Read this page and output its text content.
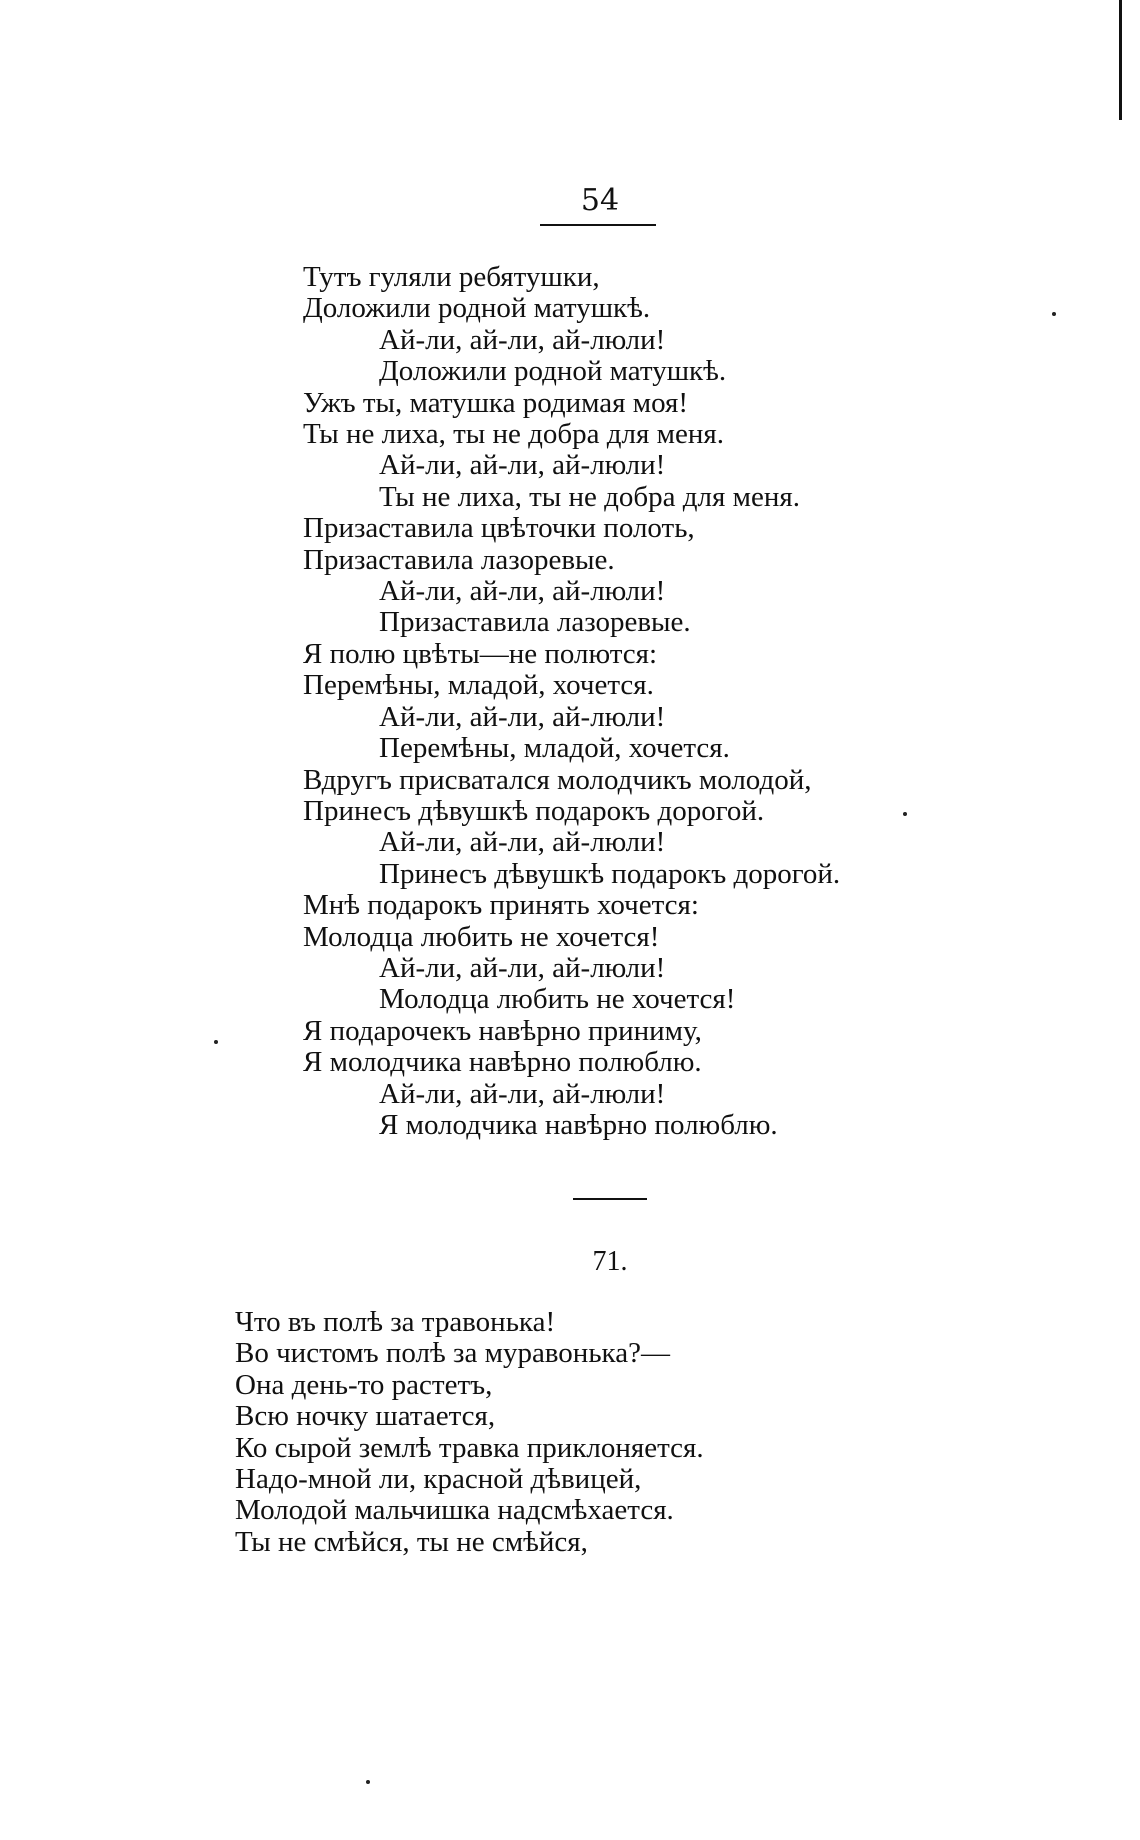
54
Тутъ гуляли ребятушки,
Доложили родной матушкѣ.
Ай-ли, ай-ли, ай-люли!
Доложили родной матушкѣ.
Ужъ ты, матушка родимая моя!
Ты не лиха, ты не добра для меня.
Ай-ли, ай-ли, ай-люли!
Ты не лиха, ты не добра для меня.
Призаставила цвѣточки полоть,
Призаставила лазоревые.
Ай-ли, ай-ли, ай-люли!
Призаставила лазоревые.
Я полю цвѣты—не полются:
Перемѣны, младой, хочется.
Ай-ли, ай-ли, ай-люли!
Перемѣны, младой, хочется.
Вдругъ присватался молодчикъ молодой,
Принесъ дѣвушкѣ подарокъ дорогой.
Ай-ли, ай-ли, ай-люли!
Принесъ дѣвушкѣ подарокъ дорогой.
Мнѣ подарокъ принять хочется:
Молодца любить не хочется!
Ай-ли, ай-ли, ай-люли!
Молодца любить не хочется!
Я подарочекъ навѣрно приниму,
Я молодчика навѣрно полюблю.
Ай-ли, ай-ли, ай-люли!
Я молодчика навѣрно полюблю.
71.
Что въ полѣ за травонька!
Во чистомъ полѣ за муравонька?—
Она день-то растетъ,
Всю ночку шатается,
Ко сырой землѣ травка приклоняется.
Надо-мной ли, красной дѣвицей,
Молодой мальчишка надсмѣхается.
Ты не смѣйся, ты не смѣйся,
